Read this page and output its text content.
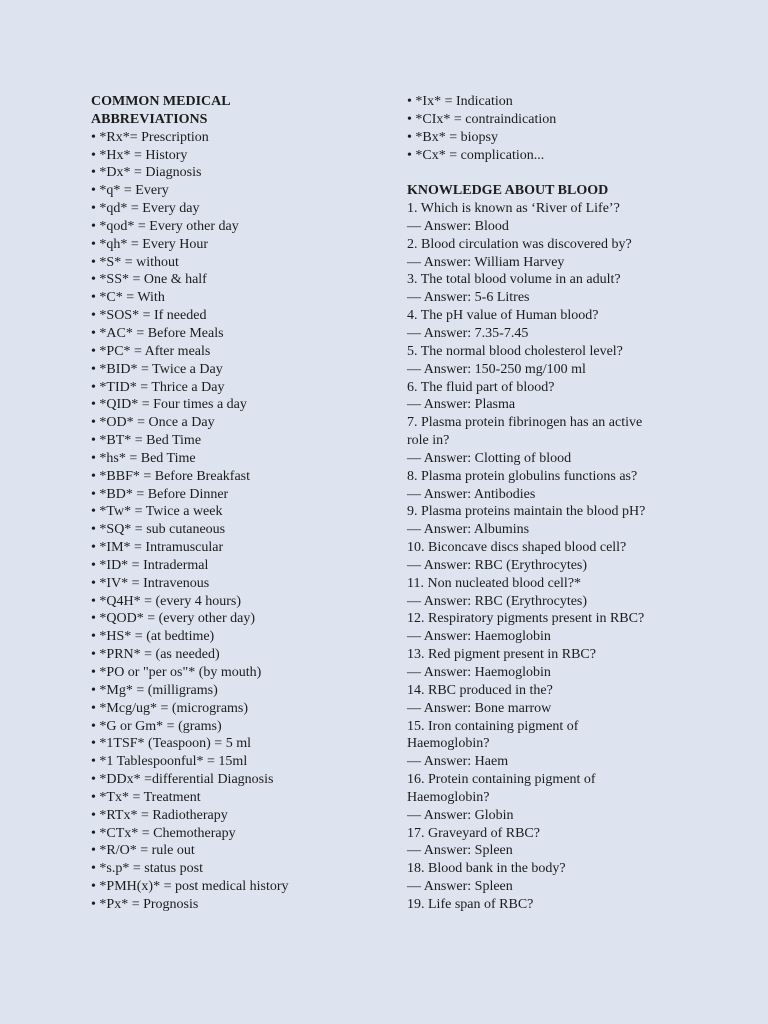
COMMON MEDICAL
ABBREVIATIONS
• *Rx*= Prescription
• *Hx* = History
• *Dx* = Diagnosis
• *q* = Every
• *qd* = Every day
• *qod* = Every other day
• *qh* = Every Hour
• *S* = without
• *SS* = One & half
• *C* = With
• *SOS* = If needed
• *AC* = Before Meals
• *PC* = After meals
• *BID* = Twice a Day
• *TID* = Thrice a Day
• *QID* = Four times a day
• *OD* = Once a Day
• *BT* = Bed Time
• *hs* = Bed Time
• *BBF* = Before Breakfast
• *BD* = Before Dinner
• *Tw* = Twice a week
• *SQ* = sub cutaneous
• *IM* = Intramuscular
• *ID* = Intradermal
• *IV* = Intravenous
• *Q4H* = (every 4 hours)
• *QOD* = (every other day)
• *HS* = (at bedtime)
• *PRN* = (as needed)
• *PO or "per os"* (by mouth)
• *Mg* = (milligrams)
• *Mcg/ug* = (micrograms)
• *G or Gm* = (grams)
• *1TSF* (Teaspoon) = 5 ml
• *1 Tablespoonful* = 15ml
• *DDx* =differential Diagnosis
• *Tx* = Treatment
• *RTx* = Radiotherapy
• *CTx* = Chemotherapy
• *R/O* = rule out
• *s.p* = status post
• *PMH(x)* = post medical history
• *Px* = Prognosis
• *Ix* = Indication
• *CIx* = contraindication
• *Bx* = biopsy
• *Cx* = complication...
KNOWLEDGE ABOUT BLOOD
1. Which is known as ‘River of Life’?
— Answer: Blood
2. Blood circulation was discovered by?
— Answer: William Harvey
3. The total blood volume in an adult?
— Answer: 5-6 Litres
4. The pH value of Human blood?
— Answer: 7.35-7.45
5. The normal blood cholesterol level?
— Answer: 150-250 mg/100 ml
6. The fluid part of blood?
— Answer: Plasma
7. Plasma protein fibrinogen has an active
role in?
— Answer: Clotting of blood
8. Plasma protein globulins functions as?
— Answer: Antibodies
9. Plasma proteins maintain the blood pH?
— Answer: Albumins
10. Biconcave discs shaped blood cell?
— Answer: RBC (Erythrocytes)
11. Non nucleated blood cell?*
— Answer: RBC (Erythrocytes)
12. Respiratory pigments present in RBC?
— Answer: Haemoglobin
13. Red pigment present in RBC?
— Answer: Haemoglobin
14. RBC produced in the?
— Answer: Bone marrow
15. Iron containing pigment of
Haemoglobin?
— Answer: Haem
16. Protein containing pigment of
Haemoglobin?
— Answer: Globin
17. Graveyard of RBC?
— Answer: Spleen
18. Blood bank in the body?
— Answer: Spleen
19. Life span of RBC?
